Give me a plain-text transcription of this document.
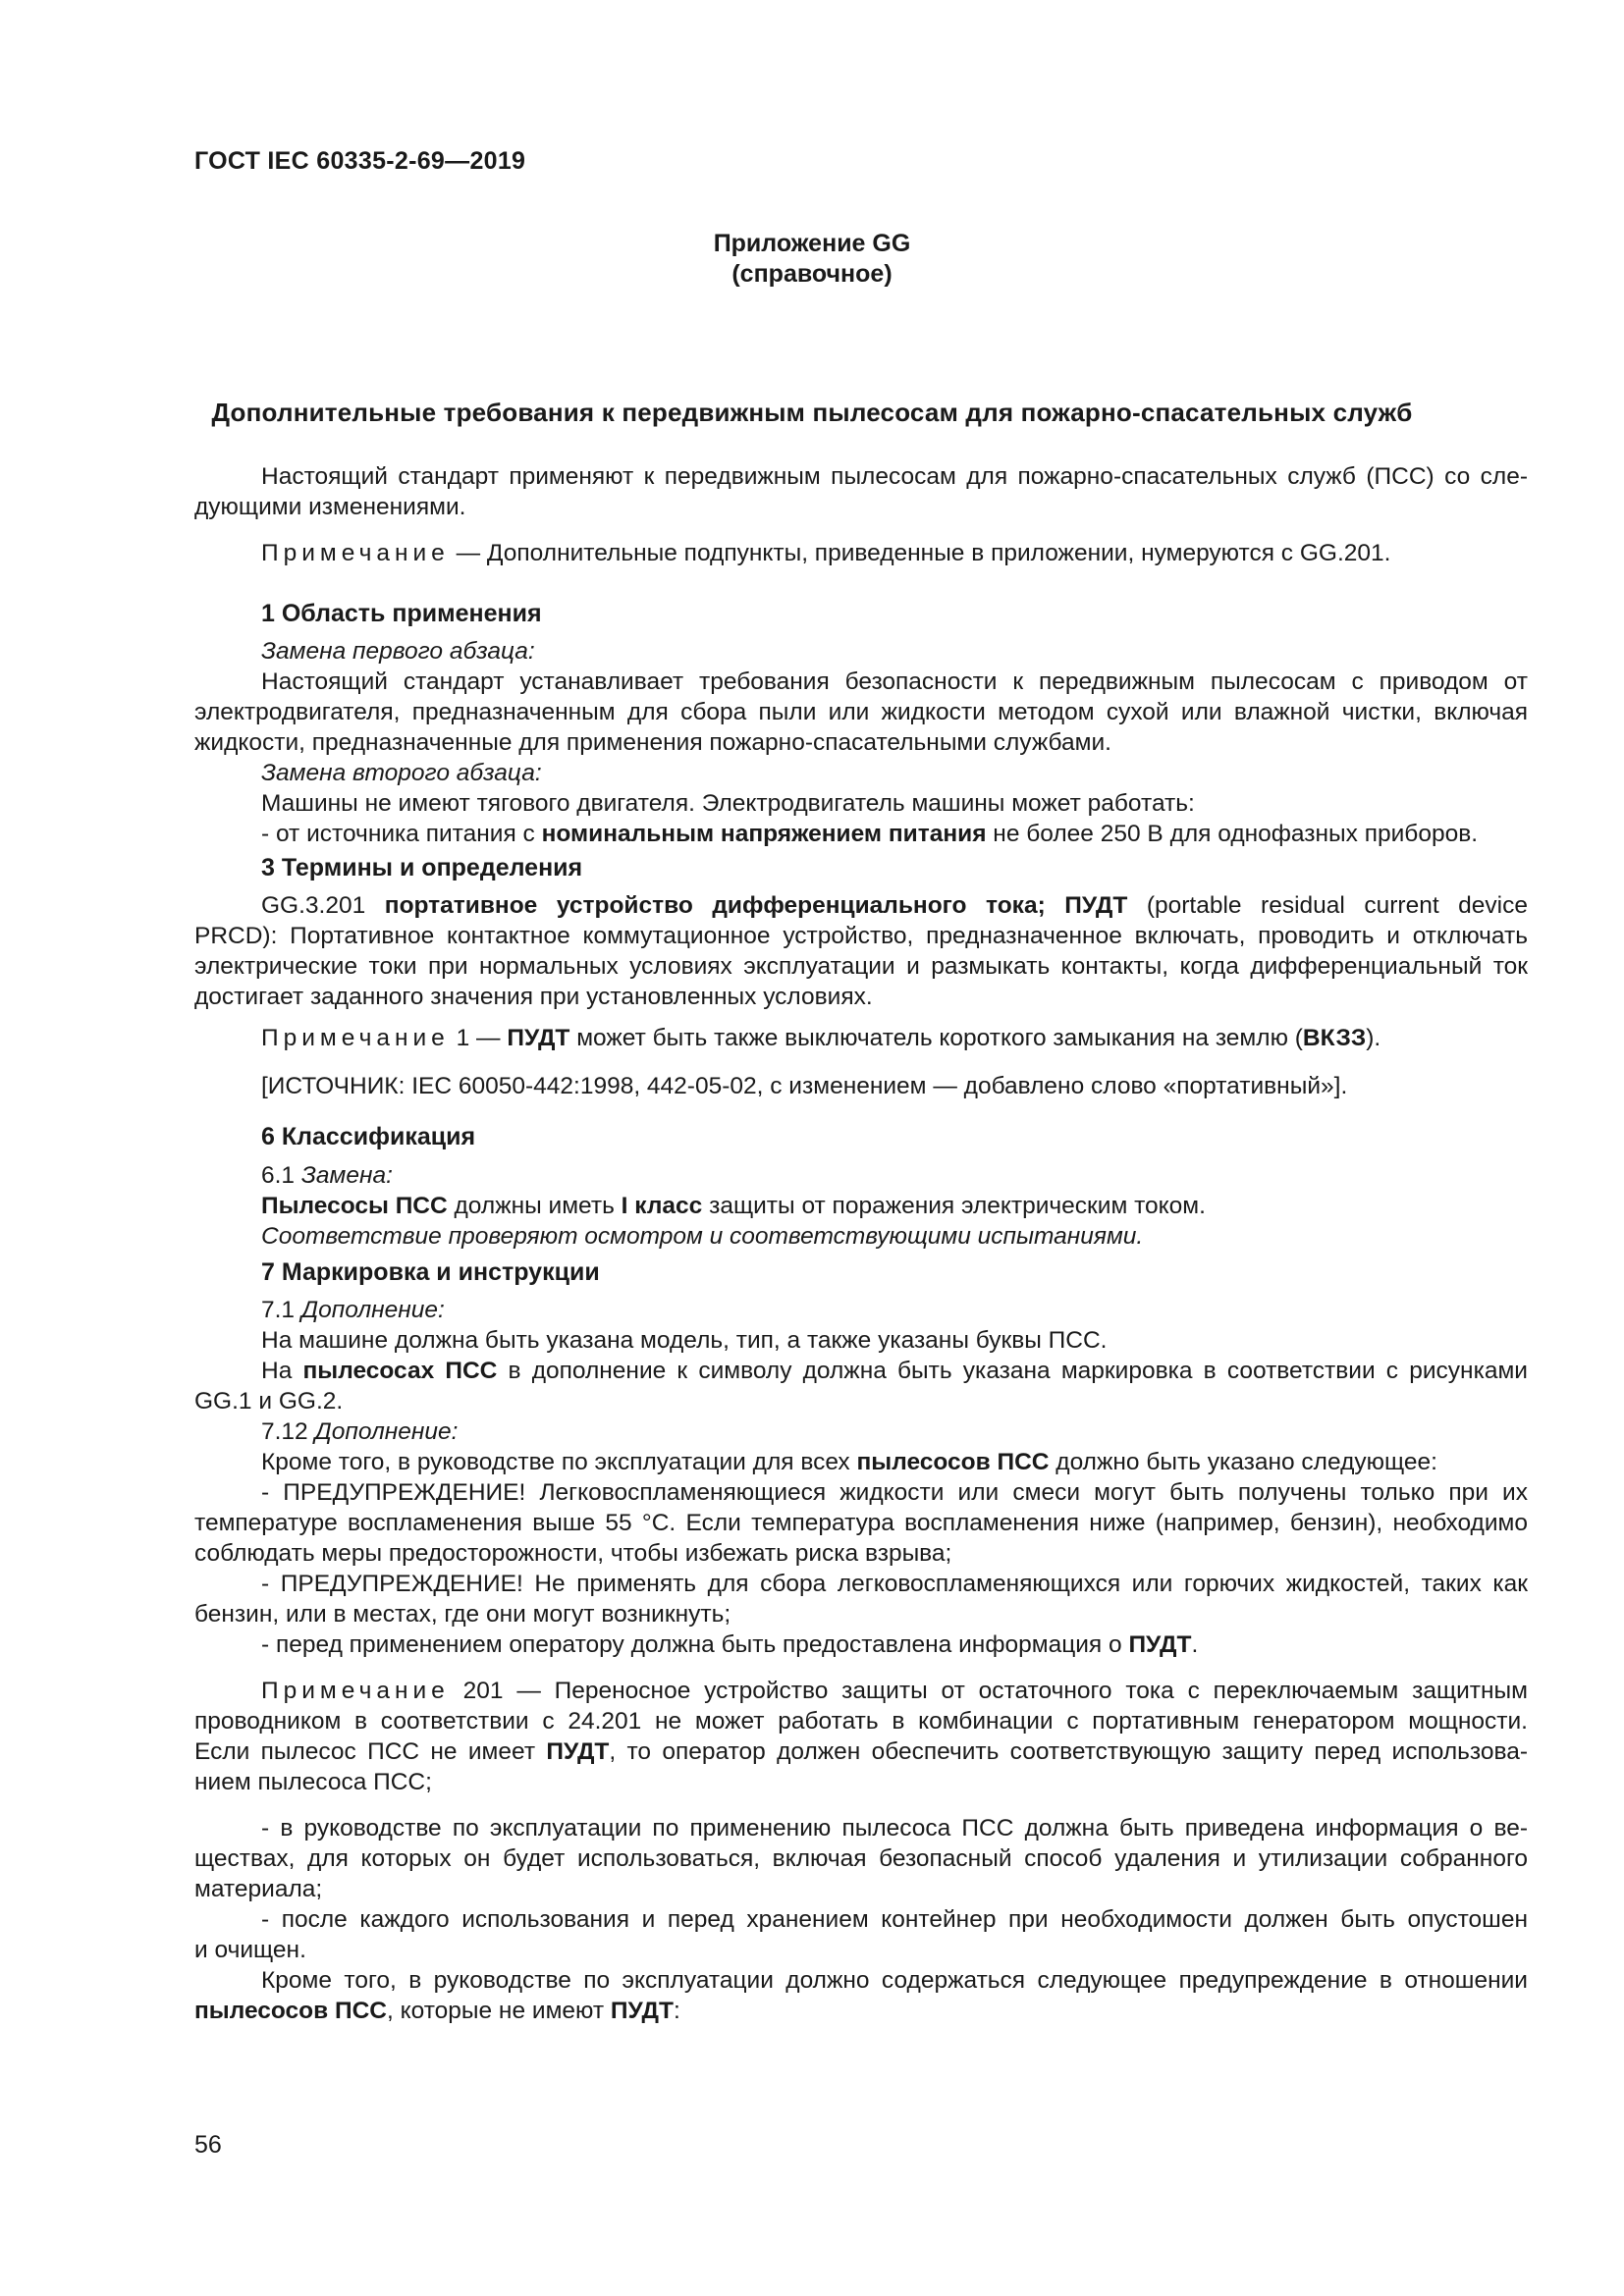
ГОСТ IEC 60335-2-69—2019
Приложение GG
(справочное)
Дополнительные требования к передвижным пылесосам для пожарно-спасательных служб
Настоящий стандарт применяют к передвижным пылесосам для пожарно-спасательных служб (ПСС) со сле-
дующими изменениями.
Примечание — Дополнительные подпункты, приведенные в приложении, нумеруются с GG.201.
1 Область применения
Замена первого абзаца:
Настоящий стандарт устанавливает требования безопасности к передвижным пылесосам с приводом от
электродвигателя, предназначенным для сбора пыли или жидкости методом сухой или влажной чистки, включая
жидкости, предназначенные для применения пожарно-спасательными службами.
Замена второго абзаца:
Машины не имеют тягового двигателя. Электродвигатель машины может работать:
- от источника питания с номинальным напряжением питания не более 250 В для однофазных приборов.
3 Термины и определения
GG.3.201 портативное устройство дифференциального тока; ПУДТ (portable residual current device
PRCD): Портативное контактное коммутационное устройство, предназначенное включать, проводить и отключать
электрические токи при нормальных условиях эксплуатации и размыкать контакты, когда дифференциальный ток
достигает заданного значения при установленных условиях.
Примечание 1 — ПУДТ может быть также выключатель короткого замыкания на землю (ВКЗЗ).
[ИСТОЧНИК: IEC 60050-442:1998, 442-05-02, с изменением — добавлено слово «портативный»].
6 Классификация
6.1 Замена:
Пылесосы ПСС должны иметь I класс защиты от поражения электрическим током.
Соответствие проверяют осмотром и соответствующими испытаниями.
7 Маркировка и инструкции
7.1 Дополнение:
На машине должна быть указана модель, тип, а также указаны буквы ПСС.
На пылесосах ПСС в дополнение к символу должна быть указана маркировка в соответствии с рисунками
GG.1 и GG.2.
7.12 Дополнение:
Кроме того, в руководстве по эксплуатации для всех пылесосов ПСС должно быть указано следующее:
- ПРЕДУПРЕЖДЕНИЕ! Легковоспламеняющиеся жидкости или смеси могут быть получены только при их
температуре воспламенения выше 55 °С. Если температура воспламенения ниже (например, бензин), необходимо
соблюдать меры предосторожности, чтобы избежать риска взрыва;
- ПРЕДУПРЕЖДЕНИЕ! Не применять для сбора легковоспламеняющихся или горючих жидкостей, таких как
бензин, или в местах, где они могут возникнуть;
- перед применением оператору должна быть предоставлена информация о ПУДТ.
Примечание 201 — Переносное устройство защиты от остаточного тока с переключаемым защитным
проводником в соответствии с 24.201 не может работать в комбинации с портативным генератором мощности.
Если пылесос ПСС не имеет ПУДТ, то оператор должен обеспечить соответствующую защиту перед использова-
нием пылесоса ПСС;
- в руководстве по эксплуатации по применению пылесоса ПСС должна быть приведена информация о ве-
ществах, для которых он будет использоваться, включая безопасный способ удаления и утилизации собранного
материала;
- после каждого использования и перед хранением контейнер при необходимости должен быть опустошен
и очищен.
Кроме того, в руководстве по эксплуатации должно содержаться следующее предупреждение в отношении
пылесосов ПСС, которые не имеют ПУДТ:
56
